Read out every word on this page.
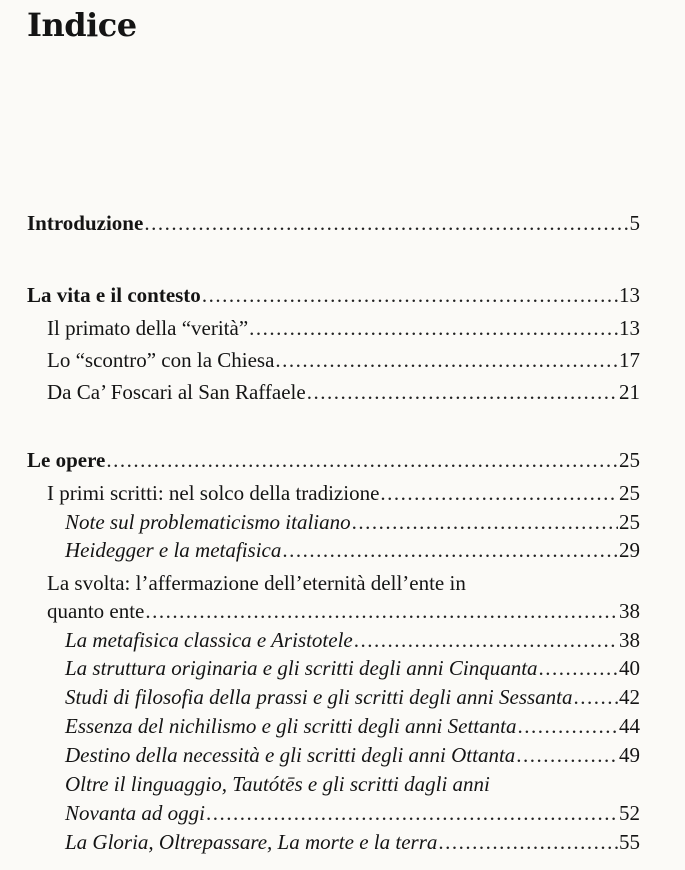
Indice
Introduzione .....	5
La vita e il contesto .....	13
Il primato della “verità” .....	13
Lo “scontro” con la Chiesa .....	17
Da Ca’ Foscari al San Raffaele .....	21
Le opere .....	25
I primi scritti: nel solco della tradizione .....	25
Note sul problematicismo italiano .....	25
Heidegger e la metafisica .....	29
La svolta: l’affermazione dell’eternità dell’ente in
quanto ente .....	38
La metafisica classica e Aristotele .....	38
La struttura originaria e gli scritti degli anni Cinquanta .....	40
Studi di filosofia della prassi e gli scritti degli anni Sessanta ..... 42
Essenza del nichilismo e gli scritti degli anni Settanta .....	44
Destino della necessità e gli scritti degli anni Ottanta .....	49
Oltre il linguaggio, Tautótēs e gli scritti dagli anni
Novanta ad oggi .....	52
La Gloria, Oltrepassare, La morte e la terra .....	55
